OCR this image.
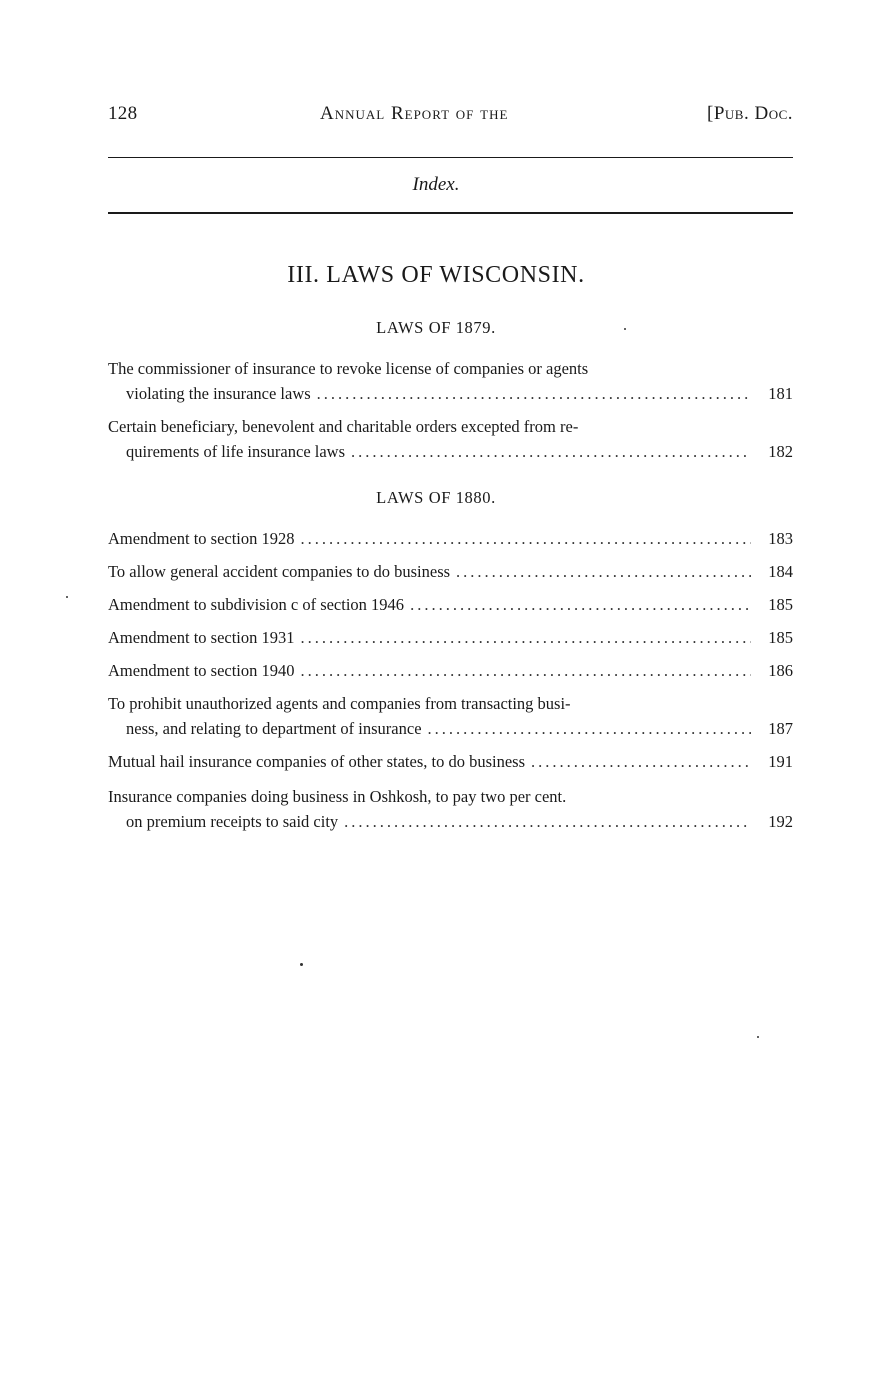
128	Annual Report of the	[Pub. Doc.
Index.
III. LAWS OF WISCONSIN.
LAWS OF 1879.
The commissioner of insurance to revoke license of companies or agents
violating the insurance laws .....	181
Certain beneficiary, benevolent and charitable orders excepted from re-
quirements of life insurance laws .....	182
LAWS OF 1880.
Amendment to section 1928 .....	183
To allow general accident companies to do business .....	184
Amendment to subdivision c of section 1946 .....	185
Amendment to section 1931 .....	185
Amendment to section 1940 .....	186
To prohibit unauthorized agents and companies from transacting busi-
ness, and relating to department of insurance .....	187
Mutual hail insurance companies of other states, to do business .....	191
Insurance companies doing business in Oshkosh, to pay two per cent.
on premium receipts to said city .....	192
